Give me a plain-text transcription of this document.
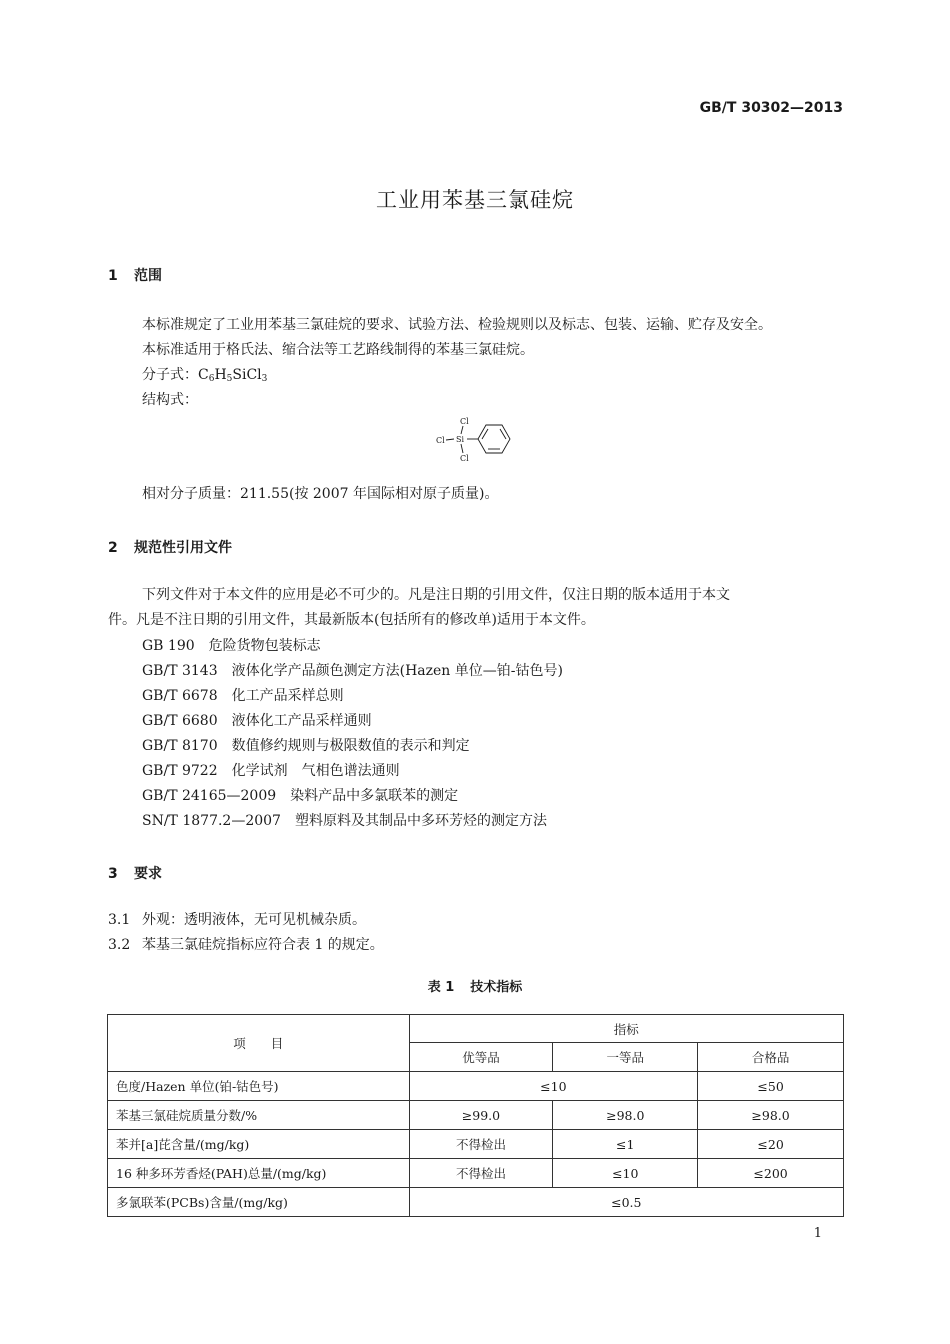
GB/T 30302—2013
工业用苯基三氯硅烷
1 范围
本标准规定了工业用苯基三氯硅烷的要求、试验方法、检验规则以及标志、包装、运输、贮存及安全。
本标准适用于格氏法、缩合法等工艺路线制得的苯基三氯硅烷。
分子式：$C_6H_5SiCl_3$
结构式：
Cl
Si
Cl
Cl
相对分子质量：211.55(按 2007 年国际相对原子质量)。
2 规范性引用文件
下列文件对于本文件的应用是必不可少的。凡是注日期的引用文件，仅注日期的版本适用于本文
件。凡是不注日期的引用文件，其最新版本(包括所有的修改单)适用于本文件。
GB 190 危险货物包装标志
GB/T 3143 液体化学产品颜色测定方法(Hazen 单位—铂-钴色号)
GB/T 6678 化工产品采样总则
GB/T 6680 液体化工产品采样通则
GB/T 8170 数值修约规则与极限数值的表示和判定
GB/T 9722 化学试剂　气相色谱法通则
GB/T 24165—2009 染料产品中多氯联苯的测定
SN/T 1877.2—2007 塑料原料及其制品中多环芳烃的测定方法
3 要求
3.1 外观：透明液体，无可见机械杂质。
3.2 苯基三氯硅烷指标应符合表 1 的规定。
表 1 技术指标
项　　目	指标		
	优等品	一等品	合格品
色度/Hazen 单位(铂-钴色号)	≤10		≤50
苯基三氯硅烷质量分数/%	≥99.0	≥98.0	≥98.0
苯并[a]芘含量/(mg/kg)	不得检出	≤1	≤20
16 种多环芳香烃(PAH)总量/(mg/kg)	不得检出	≤10	≤200
多氯联苯(PCBs)含量/(mg/kg)	≤0.5		
1
